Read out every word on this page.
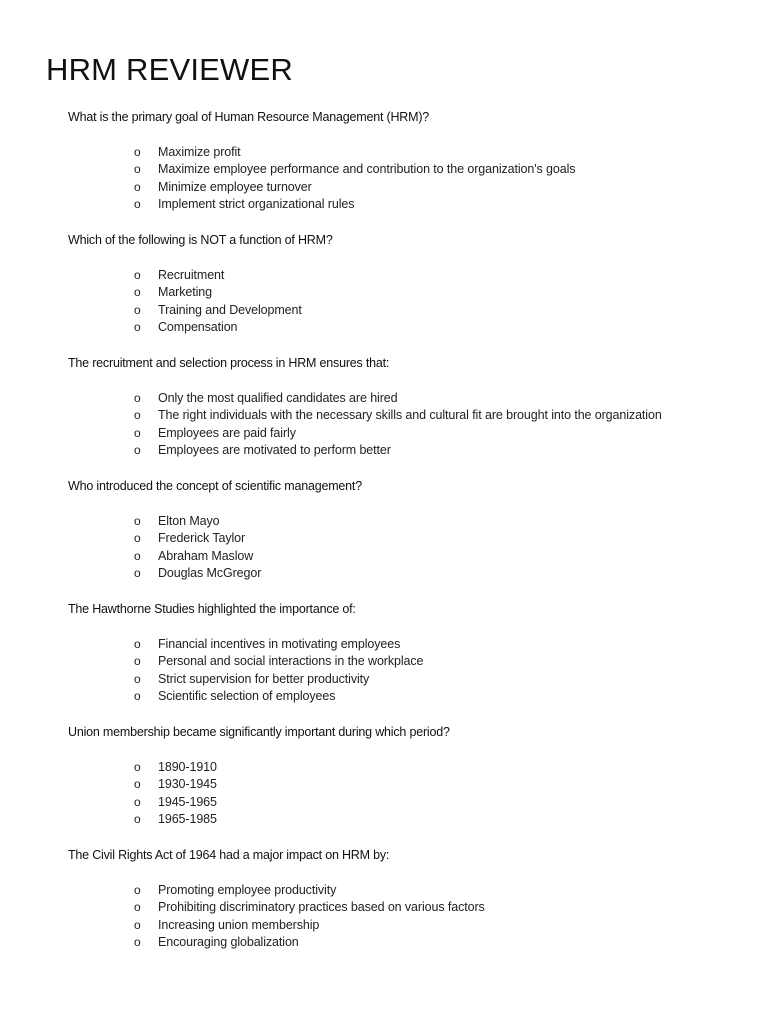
HRM REVIEWER
What is the primary goal of Human Resource Management (HRM)?
o Maximize profit
o Maximize employee performance and contribution to the organization's goals
o Minimize employee turnover
o Implement strict organizational rules
Which of the following is NOT a function of HRM?
o Recruitment
o Marketing
o Training and Development
o Compensation
The recruitment and selection process in HRM ensures that:
o Only the most qualified candidates are hired
o The right individuals with the necessary skills and cultural fit are brought into the organization
o Employees are paid fairly
o Employees are motivated to perform better
Who introduced the concept of scientific management?
o Elton Mayo
o Frederick Taylor
o Abraham Maslow
o Douglas McGregor
The Hawthorne Studies highlighted the importance of:
o Financial incentives in motivating employees
o Personal and social interactions in the workplace
o Strict supervision for better productivity
o Scientific selection of employees
Union membership became significantly important during which period?
o 1890-1910
o 1930-1945
o 1945-1965
o 1965-1985
The Civil Rights Act of 1964 had a major impact on HRM by:
o Promoting employee productivity
o Prohibiting discriminatory practices based on various factors
o Increasing union membership
o Encouraging globalization
